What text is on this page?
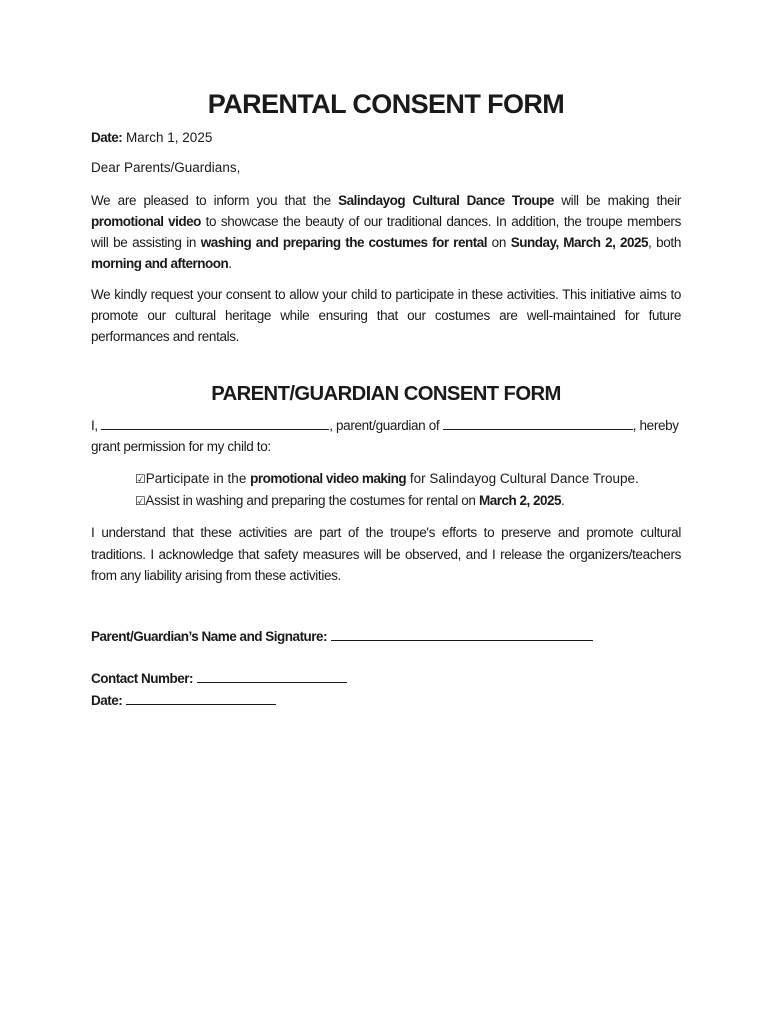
PARENTAL CONSENT FORM

Date: March 1, 2025

Dear Parents/Guardians,

We are pleased to inform you that the Salindayog Cultural Dance Troupe will be making their promotional video to showcase the beauty of our traditional dances. In addition, the troupe members will be assisting in washing and preparing the costumes for rental on Sunday, March 2, 2025, both morning and afternoon.

We kindly request your consent to allow your child to participate in these activities. This initiative aims to promote our cultural heritage while ensuring that our costumes are well-maintained for future performances and rentals.

PARENT/GUARDIAN CONSENT FORM

I,	, parent/guardian of	, hereby
grant permission for my child to:

☑Participate in the promotional video making for Salindayog Cultural Dance Troupe.

☑Assist in washing and preparing the costumes for rental on March 2, 2025.

I understand that these activities are part of the troupe's efforts to preserve and promote cultural traditions. I acknowledge that safety measures will be observed, and I release the organizers/teachers from any liability arising from these activities.

Parent/Guardian’s Name and Signature:

Contact Number:

Date:
